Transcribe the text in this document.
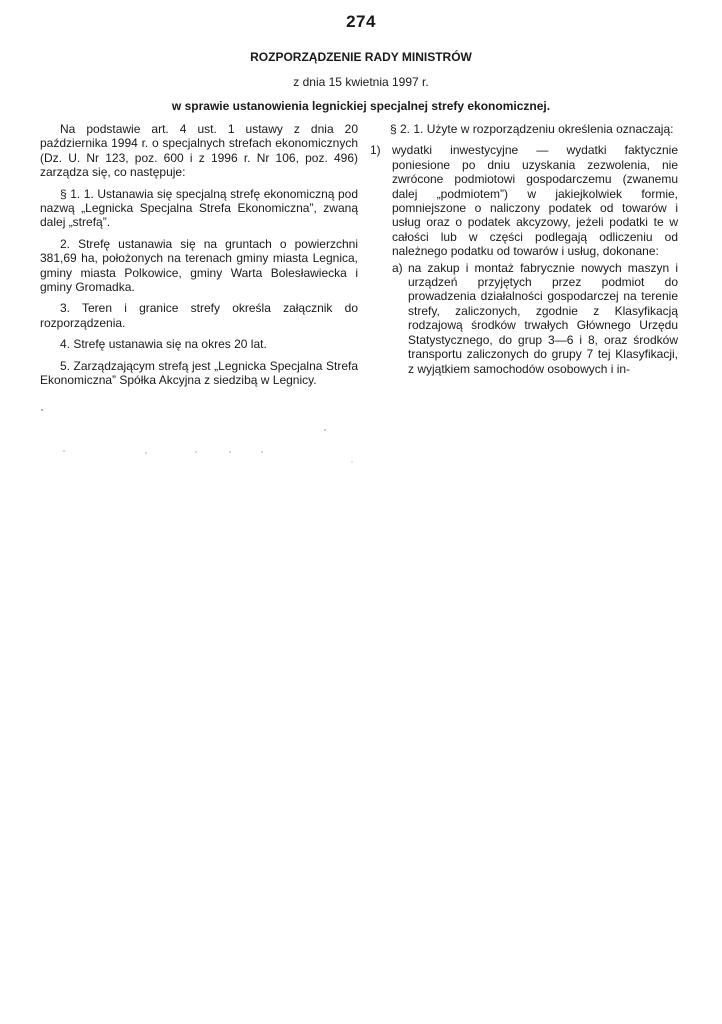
274
ROZPORZĄDZENIE RADY MINISTRÓW
z dnia 15 kwietnia 1997 r.
w sprawie ustanowienia legnickiej specjalnej strefy ekonomicznej.

Na podstawie art. 4 ust. 1 ustawy z dnia 20 października 1994 r. o specjalnych strefach ekonomicznych (Dz. U. Nr 123, poz. 600 i z 1996 r. Nr 106, poz. 496) zarządza się, co następuje:

§ 1. 1. Ustanawia się specjalną strefę ekonomiczną pod nazwą „Legnicka Specjalna Strefa Ekonomiczna”, zwaną dalej „strefą”.

2. Strefę ustanawia się na gruntach o powierzchni 381,69 ha, położonych na terenach gminy miasta Legnica, gminy miasta Polkowice, gminy Warta Bolesławiecka i gminy Gromadka.

3. Teren i granice strefy określa załącznik do rozporządzenia.

4. Strefę ustanawia się na okres 20 lat.

5. Zarządzającym strefą jest „Legnicka Specjalna Strefa Ekonomiczna” Spółka Akcyjna z siedzibą w Legnicy.

§ 2. 1. Użyte w rozporządzeniu określenia oznaczają:

1) wydatki inwestycyjne — wydatki faktycznie poniesione po dniu uzyskania zezwolenia, nie zwrócone podmiotowi gospodarczemu (zwanemu dalej „podmiotem”) w jakiejkolwiek formie, pomniejszone o naliczony podatek od towarów i usług oraz o podatek akcyzowy, jeżeli podatki te w całości lub w części podlegają odliczeniu od należnego podatku od towarów i usług, dokonane:
a) na zakup i montaż fabrycznie nowych maszyn i urządzeń przyjętych przez podmiot do prowadzenia działalności gospodarczej na terenie strefy, zaliczonych, zgodnie z Klasyfikacją rodzajową środków trwałych Głównego Urzędu Statystycznego, do grup 3—6 i 8, oraz środków transportu zaliczonych do grupy 7 tej Klasyfikacji, z wyjątkiem samochodów osobowych i in-
